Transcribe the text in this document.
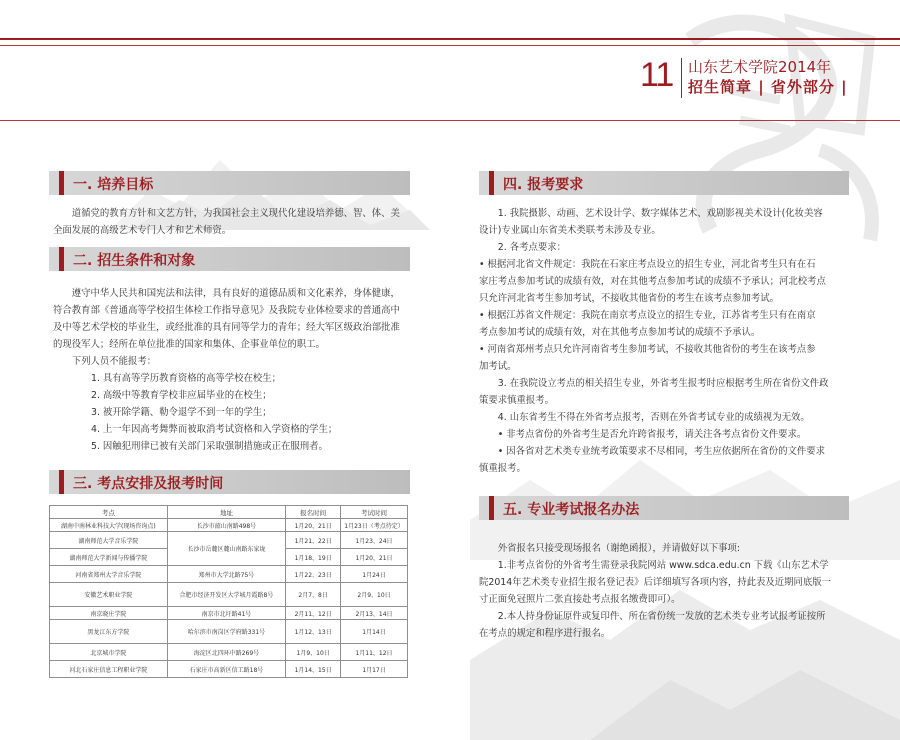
11 山东艺术学院2014年
招生简章 | 省外部分 |
一. 培养目标

道循党的教育方针和文艺方针，为我国社会主义现代化建设培养德、智、体、美

全面发展的高级艺术专门人才和艺术师资。

二. 招生条件和对象

遵守中华人民共和国宪法和法律，具有良好的道德品质和文化素养，身体健康，

符合教育部《普通高等学校招生体检工作指导意见》及我院专业体检要求的普通高中

及中等艺术学校的毕业生，或经批准的具有同等学力的青年；经大军区级政治部批准

的现役军人；经所在单位批准的国家和集体、企事业单位的职工。

下列人员不能报考：

1. 具有高等学历教育资格的高等学校在校生；

2. 高级中等教育学校非应届毕业的在校生；

3. 被开除学籍、勒令退学不到一年的学生；

4. 上一年因高考舞弊而被取消考试资格和入学资格的学生；

5. 因触犯刑律已被有关部门采取强制措施或正在服刑者。

三. 考点安排及报考时间
考点	地址	报名时间	考试时间
湖南中南林业科技大学(现场咨询点)	长沙市韶山南路498号	1月20、21日	1月23日（考点待定）
湖南师范大学音乐学院	长沙市岳麓区麓山南路东家垅	1月21、22日	1月23、24日
湖南师范大学新闻与传播学院		1月18、19日	1月20、21日
河南省郑州大学音乐学院	郑州市大学北路75号	1月22、23日	1月24日
安徽艺术职业学院	合肥市经济开发区大学城月霞路8号	2月7、8日	2月9、10日
南京晓庄学院	南京市北圩路41号	2月11、12日	2月13、14日
黑龙江东方学院	哈尔滨市南岗区学府路331号	1月12、13日	1月14日
北京城市学院	海淀区北四环中路269号	1月9、10日	1月11、12日
河北石家庄信息工程职业学院	石家庄市高新区信工路18号	1月14、15日	1月17日
四. 报考要求

1. 我院摄影、动画、艺术设计学、数字媒体艺术、戏剧影视美术设计(化妆美容

设计)专业属山东省美术类联考未涉及专业。

2. 各考点要求：

• 根据河北省文件规定：我院在石家庄考点设立的招生专业，河北省考生只有在石

家庄考点参加考试的成绩有效，对在其他考点参加考试的成绩不予承认；河北校考点

只允许河北省考生参加考试，不接收其他省份的考生在该考点参加考试。

• 根据江苏省文件规定：我院在南京考点设立的招生专业，江苏省考生只有在南京

考点参加考试的成绩有效，对在其他考点参加考试的成绩不予承认。

• 河南省郑州考点只允许河南省考生参加考试，不接收其他省份的考生在该考点参

加考试。

3. 在我院设立考点的相关招生专业，外省考生报考时应根据考生所在省份文件政

策要求慎重报考。

4. 山东省考生不得在外省考点报考，否则在外省考试专业的成绩视为无效。

• 非考点省份的外省考生是否允许跨省报考，请关注各考点省份文件要求。

• 因各省对艺术类专业统考政策要求不尽相同，考生应依据所在省份的文件要求

慎重报考。

五. 专业考试报名办法

外省报名只接受现场报名（谢绝函报），并请做好以下事项:

1.非考点省份的外省考生需登录我院网站 www.sdca.edu.cn 下载《山东艺术学

院2014年艺术类专业招生报名登记表》后详细填写各项内容，持此表及近期同底版一

寸正面免冠照片二张直接赴考点报名缴费即可）。

2.本人持身份证原件或复印件、所在省份统一发放的艺术类专业考试报考证按所

在考点的规定和程序进行报名。
